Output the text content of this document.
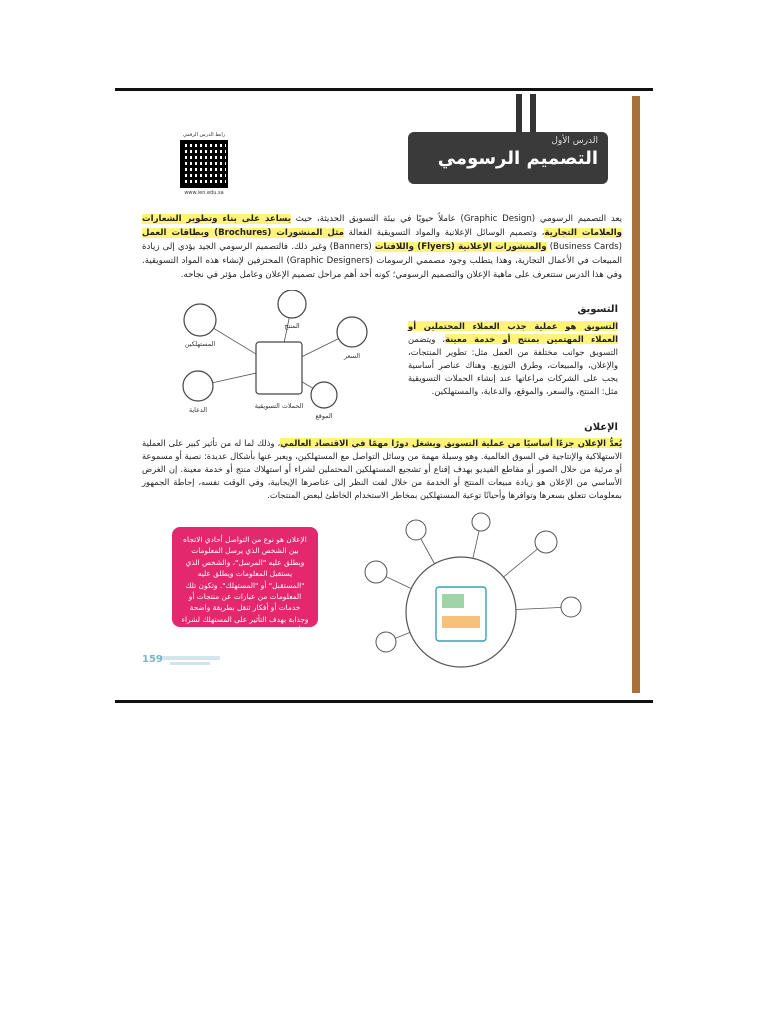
رابط الدرس الرقمي
www.ien.edu.sa
الدرس الأول
التصميم الرسومي
يعد التصميم الرسومي (Graphic Design) عاملاً حيويًا في بيئة التسويق الحديثة، حيث يساعد على بناء وتطوير الشعارات والعلامات التجارية، وتصميم الوسائل الإعلانية والمواد التسويقية الفعالة مثل المنشورات (Brochures) وبطاقات العمل (Business Cards) والمنشورات الإعلانية (Flyers) واللافتات (Banners) وغير ذلك. فالتصميم الرسومي الجيد يؤدي إلى زيادة المبيعات في الأعمال التجارية، وهذا يتطلب وجود مصممي الرسومات (Graphic Designers) المحترفين لإنشاء هذه المواد التسويقية. وفي هذا الدرس ستتعرف على ماهية الإعلان والتصميم الرسومي؛ كونه أحد أهم مراحل تصميم الإعلان وعامل مؤثر في نجاحه.
التسويق
التسويق هو عملية جذب العملاء المحتملين أو العملاء المهتمين بمنتج أو خدمة معينة، ويتضمن التسويق جوانب مختلفة من العمل مثل: تطوير المنتجات، والإعلان، والمبيعات، وطرق التوزيع. وهناك عناصر أساسية يجب على الشركات مراعاتها عند إنشاء الحملات التسويقية مثل: المنتج، والسعر، والموقع، والدعاية، والمستهلكين.
الحملات التسويقية
المستهلكين
المنتج
السعر
الموقع
الدعاية
الإعلان
يُعدُّ الإعلان جزءًا أساسيًا من عملية التسويق ويشغل دورًا مهمًا في الاقتصاد العالمي، وذلك لما له من تأثير كبير على العملية الاستهلاكية والإنتاجية في السوق العالمية. وهو وسيلة مهمة من وسائل التواصل مع المستهلكين، ويعبر عنها بأشكال عديدة: نصية أو مسموعة أو مرئية من خلال الصور أو مقاطع الفيديو بهدف إقناع أو تشجيع المستهلكين المحتملين لشراء أو استهلاك منتج أو خدمة معينة. إن الغرض الأساسي من الإعلان هو زيادة مبيعات المنتج أو الخدمة من خلال لفت النظر إلى عناصرها الإيجابية، وفي الوقت نفسه، إحاطة الجمهور بمعلومات تتعلق بسعرها وتوافرها وأحيانًا توعية المستهلكين بمخاطر الاستخدام الخاطئ لبعض المنتجات.
الإعلان هو نوع من التواصل أحادي الاتجاه بين الشخص الذي يرسل المعلومات ويطلق عليه "المرسل"، والشخص الذي يستقبل المعلومات ويطلق عليه "المستقبل" أو "المستهلك". وتكون تلك المعلومات من عبارات عن منتجات أو خدمات أو أفكار تنقل بطريقة واضحة وجذابة بهدف التأثير على المستهلك لشراء أو استخدام هذه المنتجات والخدمات.
159
